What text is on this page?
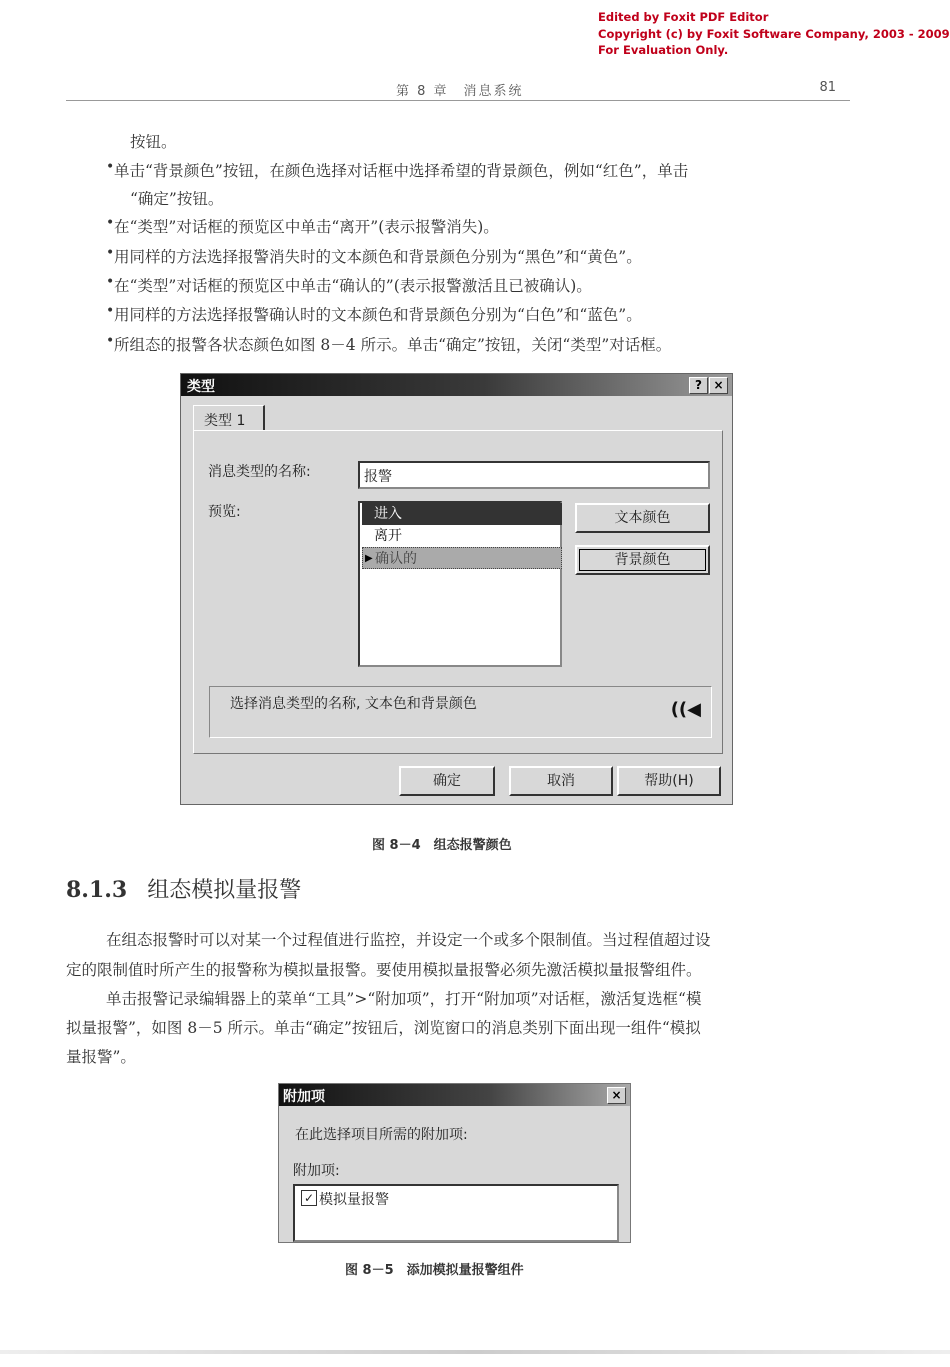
Edited by Foxit PDF Editor
Copyright (c) by Foxit Software Company, 2003 - 2009
For Evaluation Only.
第 8 章　消息系统	81
按钮。
• 单击“背景颜色”按钮，在颜色选择对话框中选择希望的背景颜色，例如“红色”，单击
“确定”按钮。
• 在“类型”对话框的预览区中单击“离开”(表示报警消失)。
• 用同样的方法选择报警消失时的文本颜色和背景颜色分别为“黑色”和“黄色”。
• 在“类型”对话框的预览区中单击“确认的”(表示报警激活且已被确认)。
• 用同样的方法选择报警确认时的文本颜色和背景颜色分别为“白色”和“蓝色”。
• 所组态的报警各状态颜色如图 8－4 所示。单击“确定”按钮，关闭“类型”对话框。
类型	? ×
类型 1
消息类型的名称:	报警
预览:	进入
离开
▶ 确认的
文本颜色
背景颜色
选择消息类型的名称, 文本色和背景颜色	((◀
确定	取消	帮助(H)
图 8－4　组态报警颜色
8.1.3 组态模拟量报警
在组态报警时可以对某一个过程值进行监控，并设定一个或多个限制值。当过程值超过设
定的限制值时所产生的报警称为模拟量报警。要使用模拟量报警必须先激活模拟量报警组件。
单击报警记录编辑器上的菜单“工具”>“附加项”，打开“附加项”对话框，激活复选框“模
拟量报警”，如图 8－5 所示。单击“确定”按钮后，浏览窗口的消息类别下面出现一组件“模拟
量报警”。
附加项	×
在此选择项目所需的附加项:
附加项:
✓ 模拟量报警
图 8－5　添加模拟量报警组件
